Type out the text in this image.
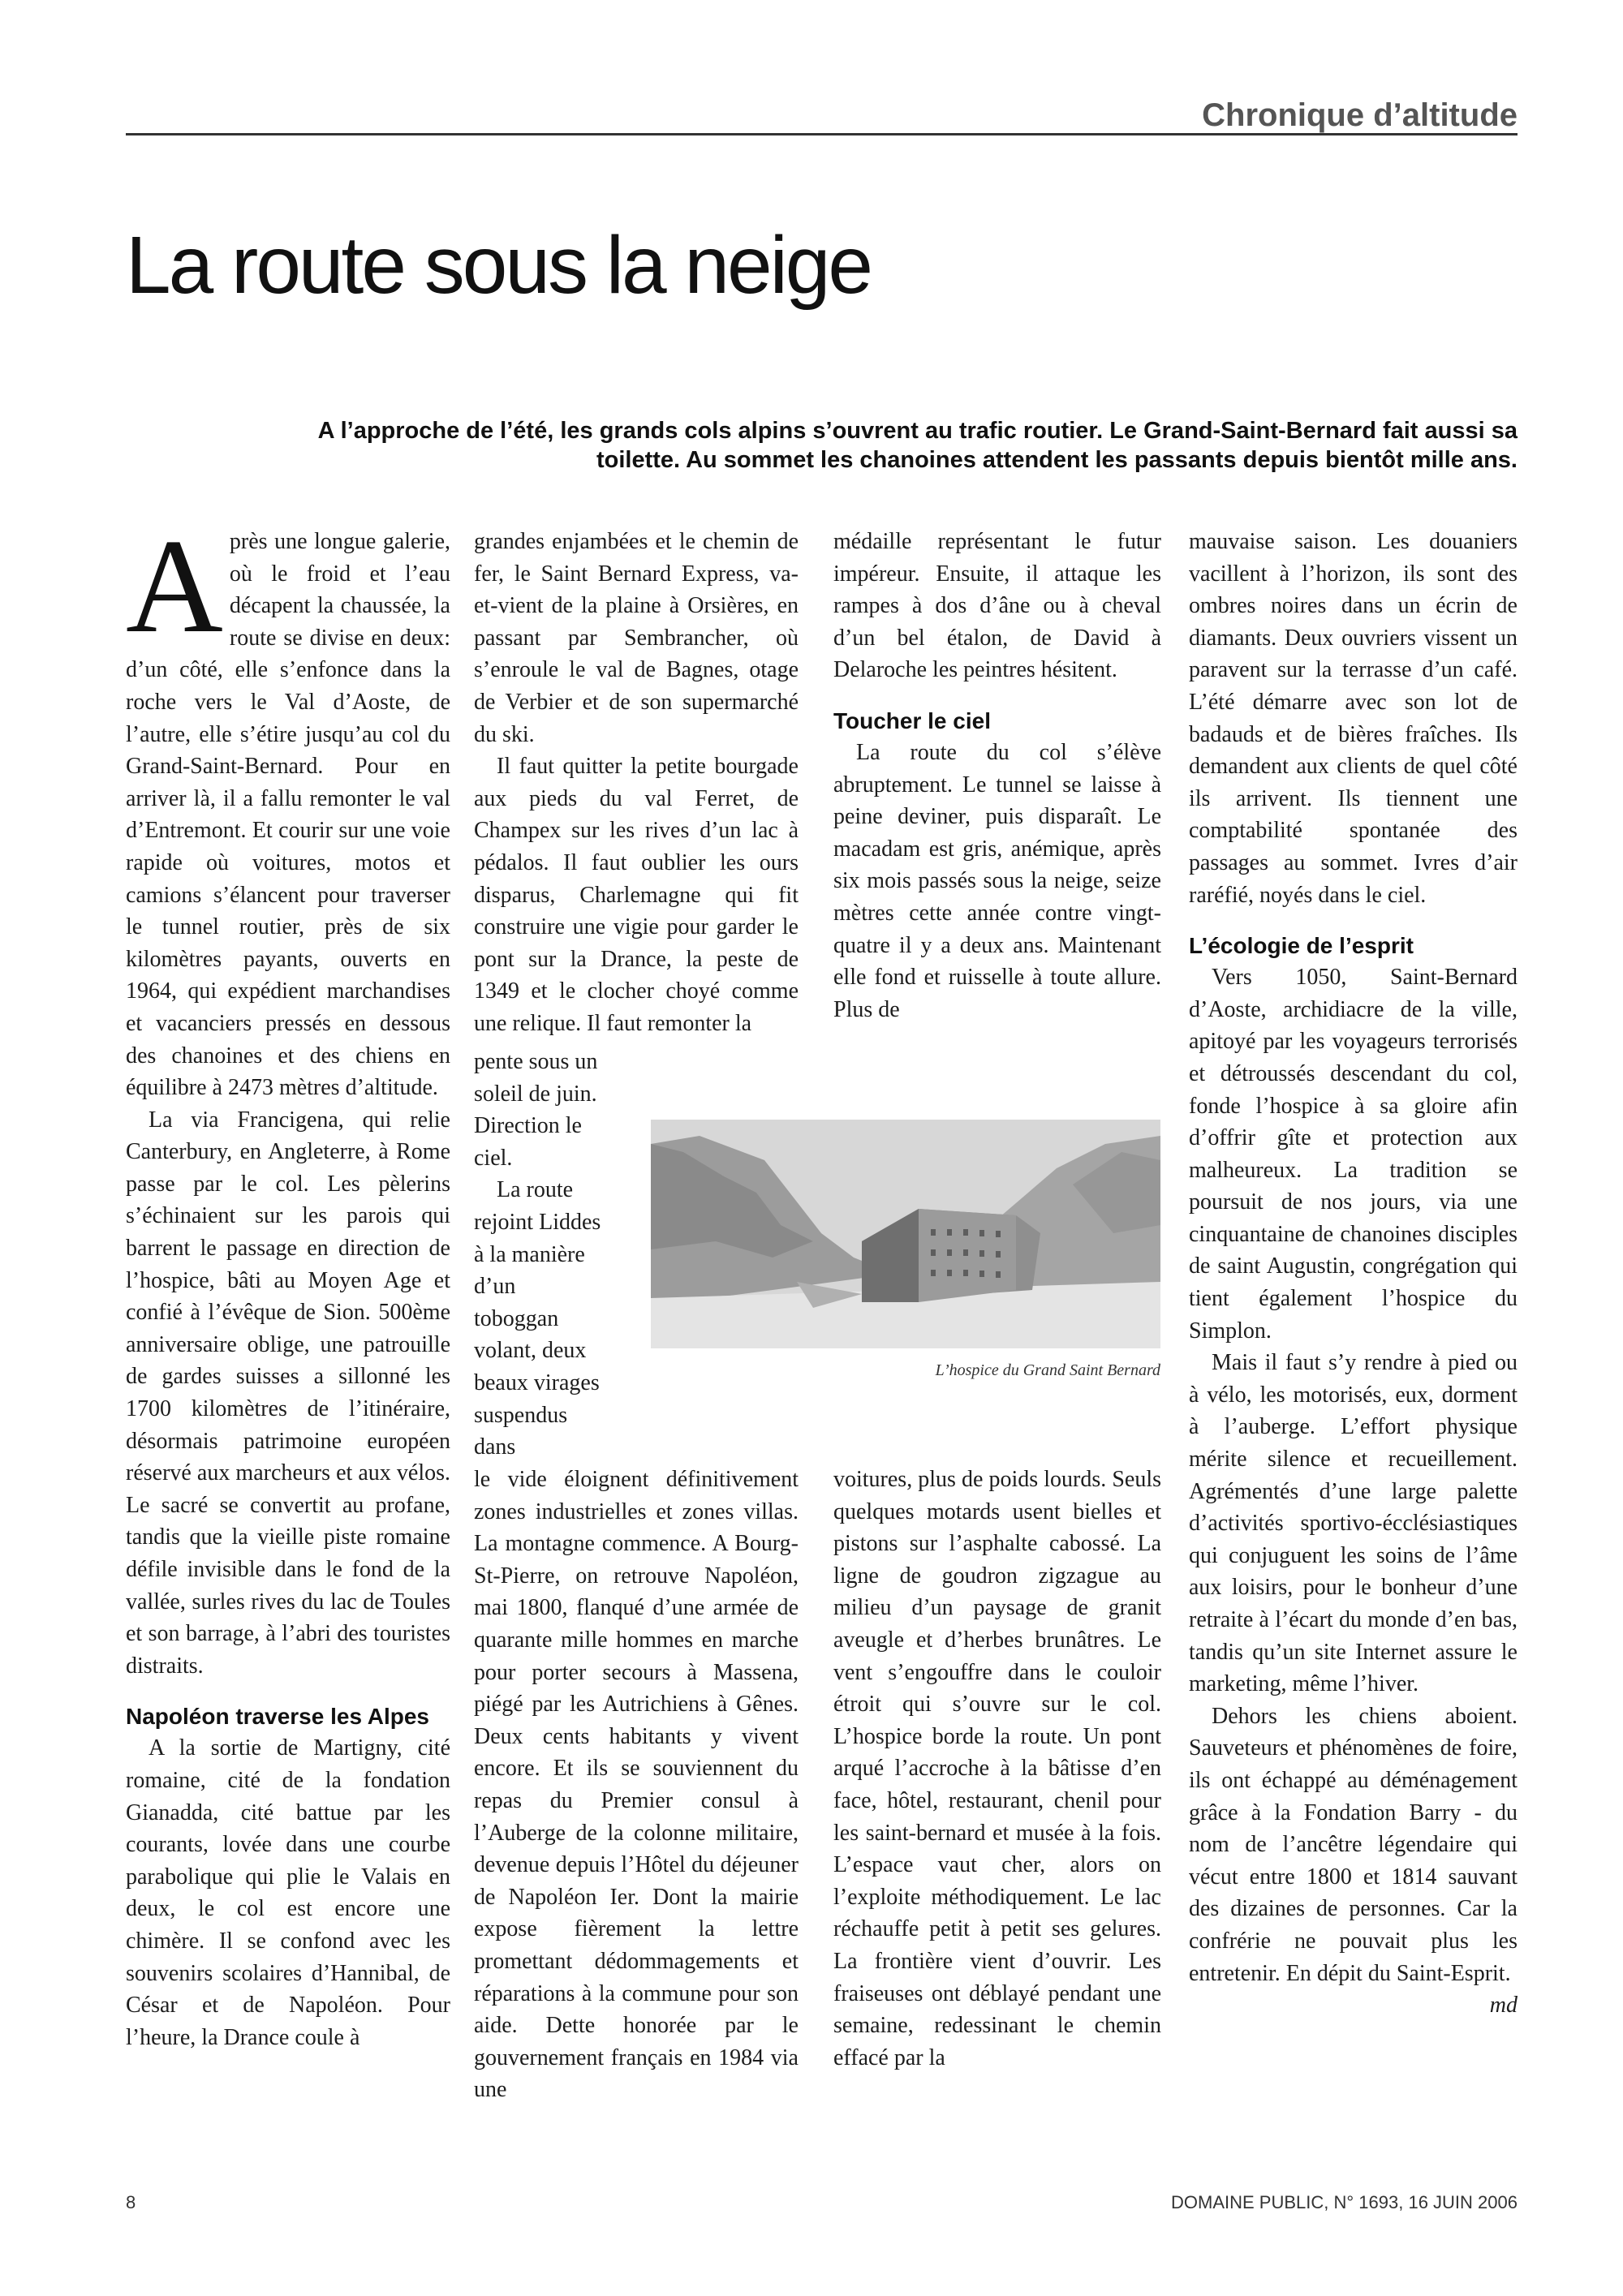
Chronique d’altitude
La route sous la neige
A l’approche de l’été, les grands cols alpins s’ouvrent au trafic routier. Le Grand-Saint-Bernard fait aussi sa toilette. Au sommet les chanoines attendent les passants depuis bientôt mille ans.

Après une longue galerie, où le froid et l’eau décapent la chaussée, la route se divise en deux: d’un côté, elle s’enfonce dans la roche vers le Val d’Aoste, de l’autre, elle s’étire jusqu’au col du Grand-Saint-Bernard. Pour en arriver là, il a fallu remonter le val d’Entremont. Et courir sur une voie rapide où voitures, motos et camions s’élancent pour traverser le tunnel routier, près de six kilomètres payants, ouverts en 1964, qui expédient marchandises et vacanciers pressés en dessous des chanoines et des chiens en équilibre à 2473 mètres d’altitude.

La via Francigena, qui relie Canterbury, en Angleterre, à Rome passe par le col. Les pèlerins s’échinaient sur les parois qui barrent le passage en direction de l’hospice, bâti au Moyen Age et confié à l’évêque de Sion. 500ème anniversaire oblige, une patrouille de gardes suisses a sillonné les 1700 kilomètres de l’itinéraire, désormais patrimoine européen réservé aux marcheurs et aux vélos. Le sacré se convertit au profane, tandis que la vieille piste romaine défile invisible dans le fond de la vallée, surles rives du lac de Toules et son barrage, à l’abri des touristes distraits.

Napoléon traverse les Alpes

A la sortie de Martigny, cité romaine, cité de la fondation Gianadda, cité battue par les courants, lovée dans une courbe parabolique qui plie le Valais en deux, le col est encore une chimère. Il se confond avec les souvenirs scolaires d’Hannibal, de César et de Napoléon. Pour l’heure, la Drance coule à

grandes enjambées et le chemin de fer, le Saint Bernard Express, va-et-vient de la plaine à Orsières, en passant par Sembrancher, où s’enroule le val de Bagnes, otage de Verbier et de son supermarché du ski.

Il faut quitter la petite bourgade aux pieds du val Ferret, de Champex sur les rives d’un lac à pédalos. Il faut oublier les ours disparus, Charlemagne qui fit construire une vigie pour garder le pont sur la Drance, la peste de 1349 et le clocher choyé comme une relique. Il faut remonter la

pente sous un soleil de juin. Direction le ciel.

La route rejoint Liddes à la manière d’un toboggan volant, deux beaux virages suspendus dans

le vide éloignent définitivement zones industrielles et zones villas. La montagne commence. A Bourg-St-Pierre, on retrouve Napoléon, mai 1800, flanqué d’une armée de quarante mille hommes en marche pour porter secours à Massena, piégé par les Autrichiens à Gênes. Deux cents habitants y vivent encore. Et ils se souviennent du repas du Premier consul à l’Auberge de la colonne militaire, devenue depuis l’Hôtel du déjeuner de Napoléon Ier. Dont la mairie expose fièrement la lettre promettant dédommagements et réparations à la commune pour son aide. Dette honorée par le gouvernement français en 1984 via une

médaille représentant le futur impéreur. Ensuite, il attaque les rampes à dos d’âne ou à cheval d’un bel étalon, de David à Delaroche les peintres hésitent.

Toucher le ciel

La route du col s’élève abruptement. Le tunnel se laisse à peine deviner, puis disparaît. Le macadam est gris, anémique, après six mois passés sous la neige, seize mètres cette année contre vingt-quatre il y a deux ans. Maintenant elle fond et ruisselle à toute allure. Plus de

L’hospice du Grand Saint Bernard

voitures, plus de poids lourds. Seuls quelques motards usent bielles et pistons sur l’asphalte cabossé. La ligne de goudron zigzague au milieu d’un paysage de granit aveugle et d’herbes brunâtres. Le vent s’engouffre dans le couloir étroit qui s’ouvre sur le col. L’hospice borde la route. Un pont arqué l’accroche à la bâtisse d’en face, hôtel, restaurant, chenil pour les saint-bernard et musée à la fois. L’espace vaut cher, alors on l’exploite méthodiquement. Le lac réchauffe petit à petit ses gelures. La frontière vient d’ouvrir. Les fraiseuses ont déblayé pendant une semaine, redessinant le chemin effacé par la

mauvaise saison. Les douaniers vacillent à l’horizon, ils sont des ombres noires dans un écrin de diamants. Deux ouvriers vissent un paravent sur la terrasse d’un café. L’été démarre avec son lot de badauds et de bières fraîches. Ils demandent aux clients de quel côté ils arrivent. Ils tiennent une comptabilité spontanée des passages au sommet. Ivres d’air raréfié, noyés dans le ciel.

L’écologie de l’esprit

Vers 1050, Saint-Bernard d’Aoste, archidiacre de la ville, apitoyé par les voyageurs terrorisés et détroussés descendant du col, fonde l’hospice à sa gloire afin d’offrir gîte et protection aux malheureux. La tradition se poursuit de nos jours, via une cinquantaine de chanoines disciples de saint Augustin, congrégation qui tient également l’hospice du Simplon.

Mais il faut s’y rendre à pied ou à vélo, les motorisés, eux, dorment à l’auberge. L’effort physique mérite silence et recueillement. Agrémentés d’une large palette d’activités sportivo-écclésiastiques qui conjuguent les soins de l’âme aux loisirs, pour le bonheur d’une retraite à l’écart du monde d’en bas, tandis qu’un site Internet assure le marketing, même l’hiver.

Dehors les chiens aboient. Sauveteurs et phénomènes de foire, ils ont échappé au déménagement grâce à la Fondation Barry - du nom de l’ancêtre légendaire qui vécut entre 1800 et 1814 sauvant des dizaines de personnes. Car la confrérie ne pouvait plus les entretenir. En dépit du Saint-Esprit.
md

8	DOMAINE PUBLIC, N° 1693, 16 JUIN 2006
